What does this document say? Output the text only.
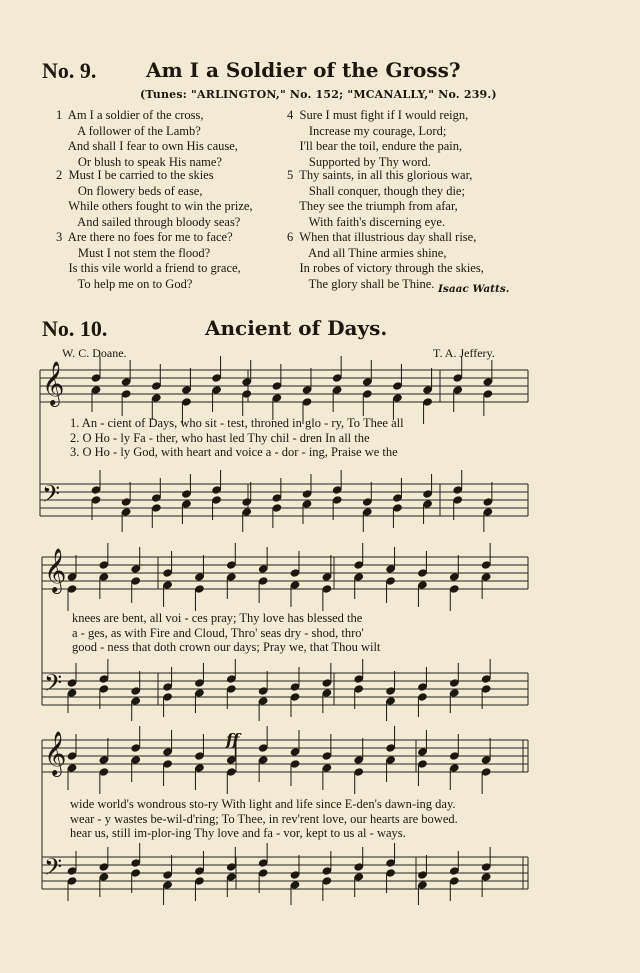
No. 9. Am I a Soldier of the Gross?
(Tunes: "ARLINGTON," No. 152; "MCANALLY," No. 239.)
1  Am I a soldier of the cross,
A follower of the Lamb?
And shall I fear to own His cause,
Or blush to speak His name?
2  Must I be carried to the skies
On flowery beds of ease,
While others fought to win the prize,
And sailed through bloody seas?
3  Are there no foes for me to face?
Must I not stem the flood?
Is this vile world a friend to grace,
To help me on to God?
4  Sure I must fight if I would reign,
Increase my courage, Lord;
I'll bear the toil, endure the pain,
Supported by Thy word.
5  Thy saints, in all this glorious war,
Shall conquer, though they die;
They see the triumph from afar,
With faith's discerning eye.
6  When that illustrious day shall rise,
And all Thine armies shine,
In robes of victory through the skies,
The glory shall be Thine. Isaac Watts.
No. 10.	Ancient of Days.
W. C. Doane.	T. A. Jeffery.
𝄞
𝄢
𝄞
𝄢
𝄞
𝄢
1. An - cient of Days, who sit - test, throned in glo - ry, To Thee all
2. O Ho - ly Fa - ther, who hast led Thy chil - dren In all the
3. O Ho - ly God, with heart and voice a - dor - ing, Praise we the
knees are bent, all voi - ces pray; Thy love has blessed the
a - ges, as with Fire and Cloud, Thro' seas dry - shod, thro'
good - ness that doth crown our days; Pray we, that Thou wilt
wide world's wondrous sto-ry With light and life since E-den's dawn-ing day.
wear - y wastes be-wil-d'ring; To Thee, in rev'rent love, our hearts are bowed.
hear us, still im-plor-ing Thy love and fa - vor, kept to us al - ways.
ff
